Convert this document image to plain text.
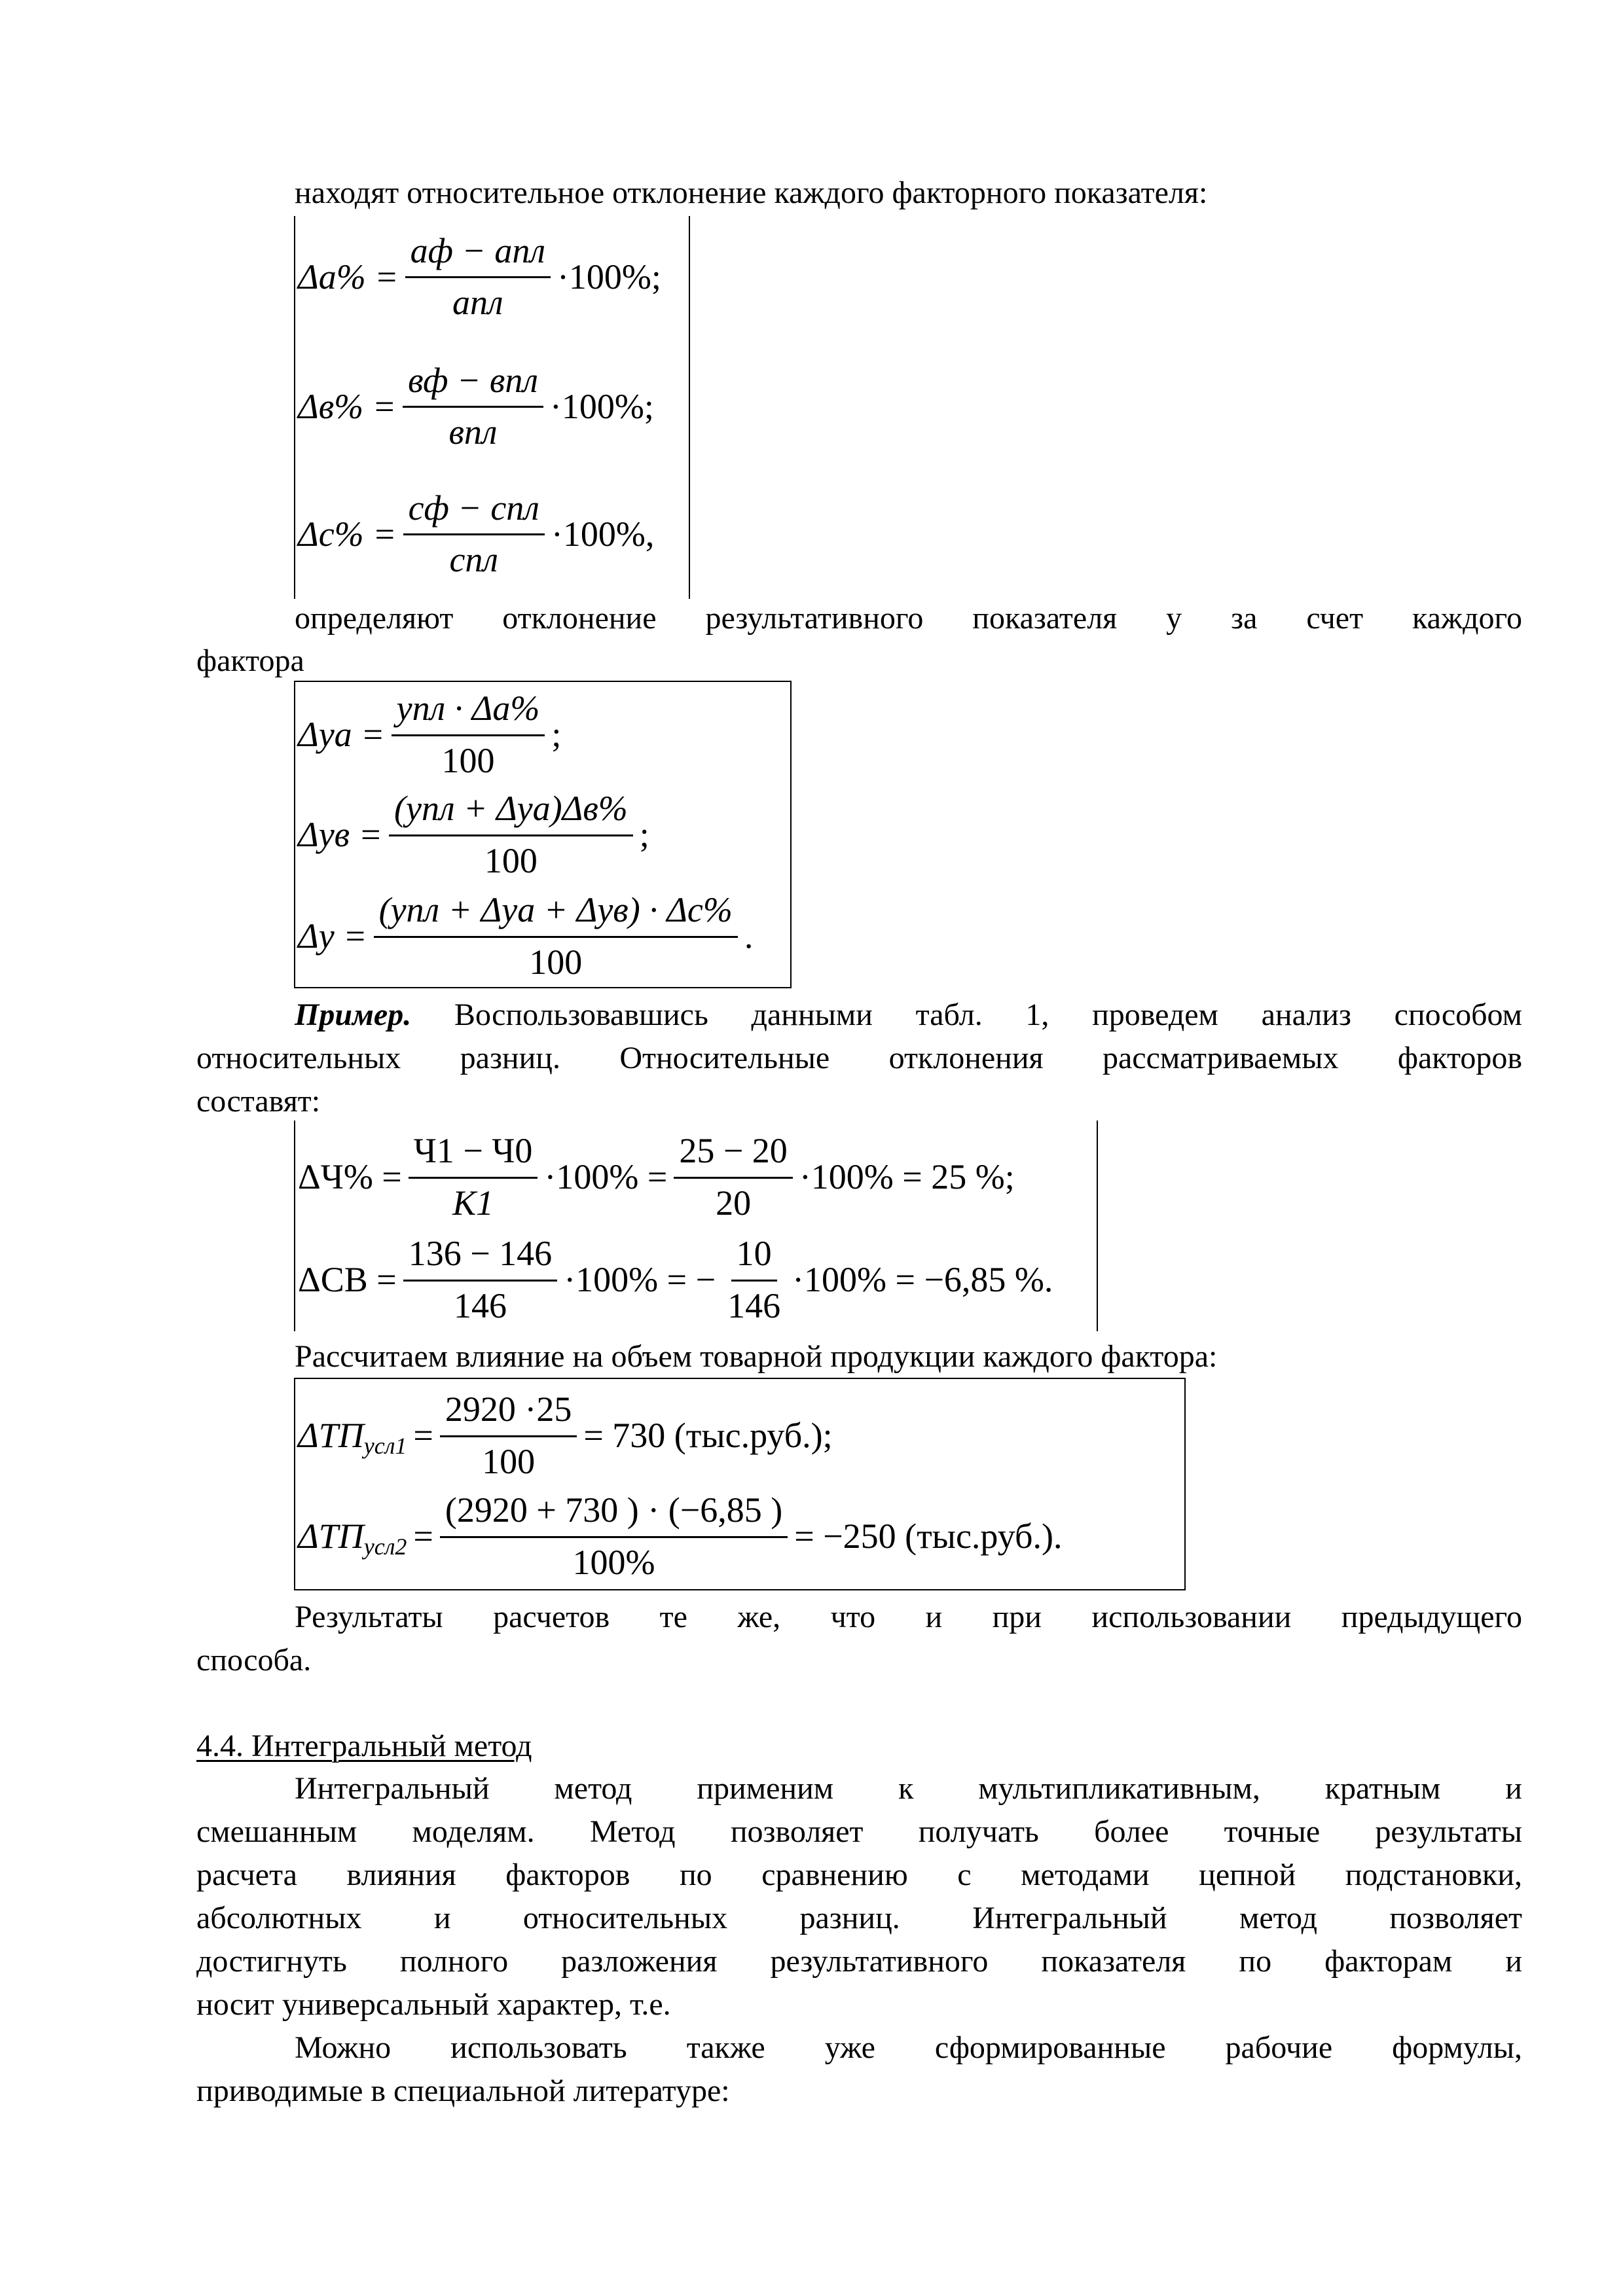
находят относительное отклонение каждого факторного показателя:
$\Delta a\% = \frac{\text{aф − aпл}}{\text{aпл}} \cdot 100\%$;
$\Delta в\% = \frac{\text{вф − впл}}{\text{впл}} \cdot 100\%$;
$\Delta c\% = \frac{\text{cф − cпл}}{\text{cпл}} \cdot 100\%$,
определяют отклонение результативного показателя y за счет каждого
фактора
$\Delta yа = \frac{\text{yпл · Δa\%}}{100}$ ;
$\Delta yв = \frac{\text{(yпл + Δyа)Δв\%}}{100}$ ;
$\Delta y = \frac{\text{(yпл + Δyа + Δyв) · Δc\%}}{100}$ .
Пример. Воспользовавшись данными табл. 1, проведем анализ способом
относительных разниц. Относительные отклонения рассматриваемых факторов
составят:
$\Delta Ч\% = \frac{Ч1 - Ч0}{К1} \cdot 100\% = \frac{25 - 20}{20} \cdot 100\% = 25$ %;
$\Delta СВ = \frac{136 - 146}{146} \cdot 100\%$ = − $\frac{10}{146} \cdot 100\% = -6,85$ %.
Рассчитаем влияние на объем товарной продукции каждого фактора:
ΔТП $усл1 = \frac{2920 \cdot 25}{100} = 730$ (тыс.руб.);
ΔТП $усл2 = \frac{(2920 + 730 ) \cdot (-6,85 )}{100\%} = -250$ (тыс.руб.).
Результаты расчетов те же, что и при использовании предыдущего
способа.
4.4. Интегральный метод
Интегральный метод применим к мультипликативным, кратным и
смешанным моделям. Метод позволяет получать более точные результаты
расчета влияния факторов по сравнению с методами цепной подстановки,
абсолютных и относительных разниц. Интегральный метод позволяет
достигнуть полного разложения результативного показателя по факторам и
носит универсальный характер, т.е.
Можно использовать также уже сформированные рабочие формулы,
приводимые в специальной литературе:
